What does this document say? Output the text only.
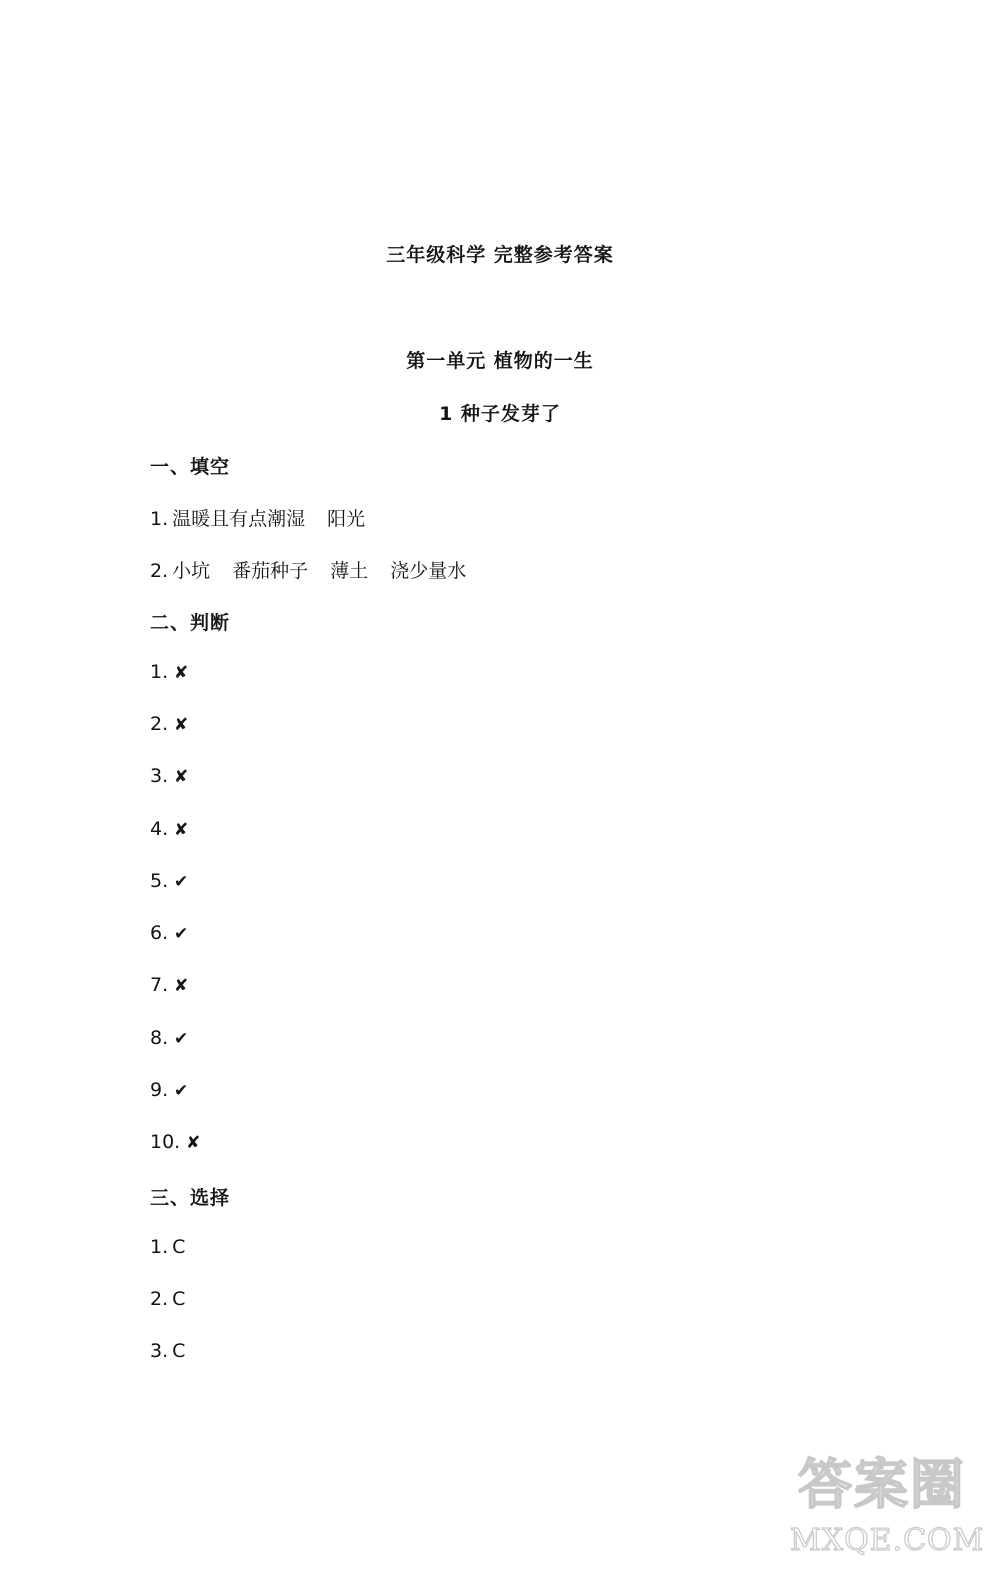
三年级科学 完整参考答案
第一单元 植物的一生
1 种子发芽了
一、填空
1. 温暖且有点潮湿 阳光
2. 小坑 番茄种子 薄土 浇少量水
二、判断
1. ✘
2. ✘
3. ✘
4. ✘
5. ✔
6. ✔
7. ✘
8. ✔
9. ✔
10. ✘
三、选择
1. C
2. C
3. C
答案圈
MXQE.COM
